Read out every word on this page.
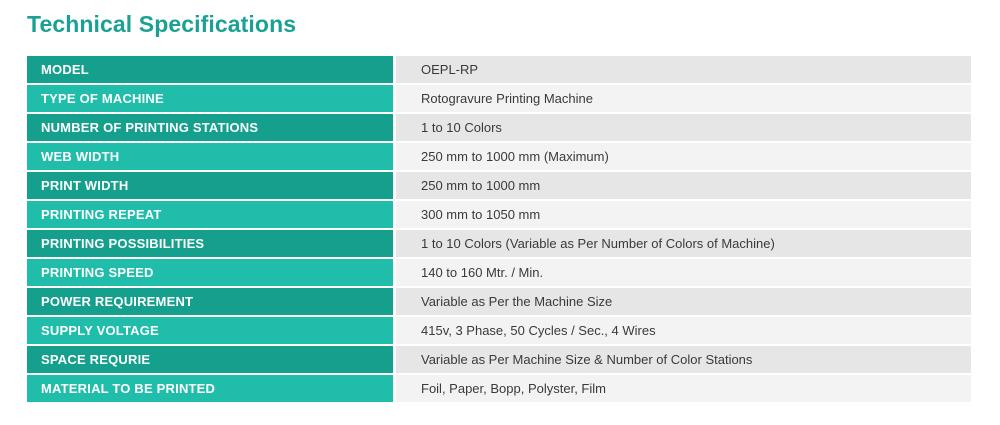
Technical Specifications
MODEL		OEPL-RP
TYPE OF MACHINE		Rotogravure Printing Machine
NUMBER OF PRINTING STATIONS		1 to 10 Colors
WEB WIDTH		250 mm to 1000 mm (Maximum)
PRINT WIDTH		250 mm to 1000 mm
PRINTING REPEAT		300 mm to 1050 mm
PRINTING POSSIBILITIES		1 to 10 Colors (Variable as Per Number of Colors of Machine)
PRINTING SPEED		140 to 160 Mtr. / Min.
POWER REQUIREMENT		Variable as Per the Machine Size
SUPPLY VOLTAGE		415v, 3 Phase, 50 Cycles / Sec., 4 Wires
SPACE REQURIE		Variable as Per Machine Size & Number of Color Stations
MATERIAL TO BE PRINTED		Foil, Paper, Bopp, Polyster, Film
